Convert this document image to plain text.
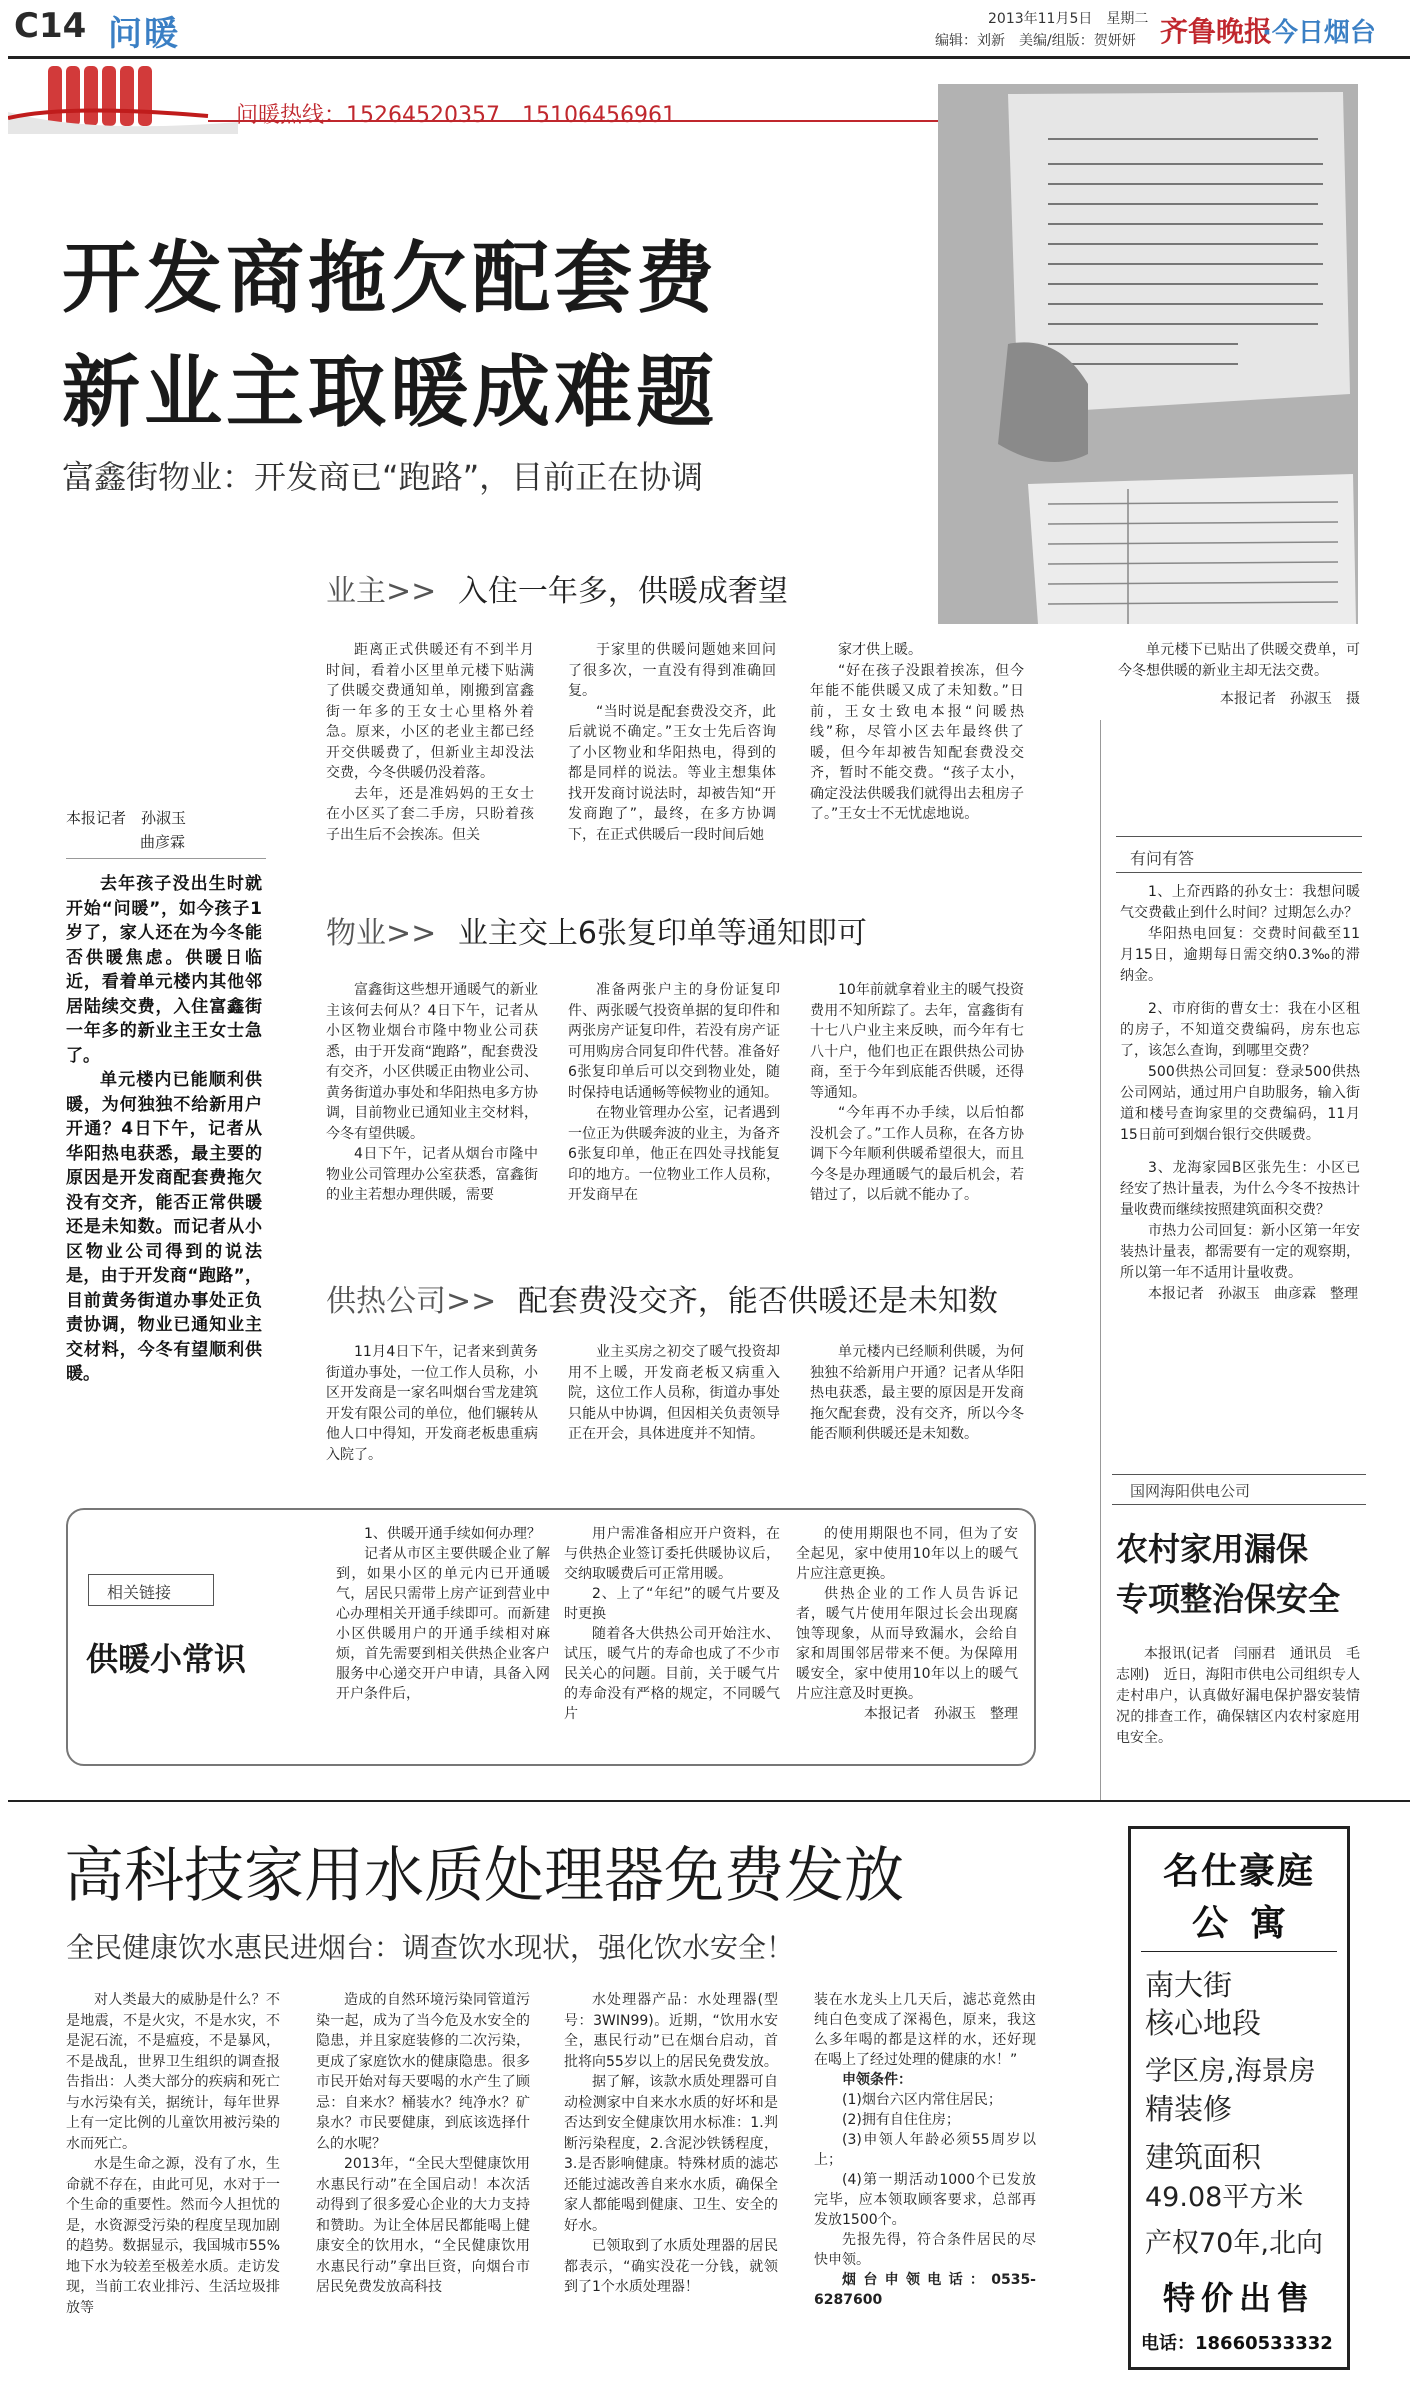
C14 问暖	2013年11月5日　星期二
编辑：刘新　美编/组版：贺妍妍 齐鲁晚报
·今日烟台
问暖热线： 15264520357　15106456961
开发商拖欠配套费
新业主取暖成难题
富鑫街物业：开发商已“跑路”，目前正在协调

单元楼下已贴出了供暖交费单，可今冬想供暖的新业主却无法交费。

本报记者　孙淑玉　摄

本报记者　孙淑玉
曲彦霖

去年孩子没出生时就开始“问暖”，如今孩子1岁了，家人还在为今冬能否供暖焦虑。供暖日临近，看着单元楼内其他邻居陆续交费，入住富鑫街一年多的新业主王女士急了。

单元楼内已能顺利供暖，为何独独不给新用户开通？4日下午，记者从华阳热电获悉，最主要的原因是开发商配套费拖欠没有交齐，能否正常供暖还是未知数。而记者从小区物业公司得到的说法是，由于开发商“跑路”，目前黄务街道办事处正负责协调，物业已通知业主交材料，今冬有望顺利供暖。

业主>> 入住一年多，供暖成奢望

距离正式供暖还有不到半月时间，看着小区里单元楼下贴满了供暖交费通知单，刚搬到富鑫街一年多的王女士心里格外着急。原来，小区的老业主都已经开交供暖费了，但新业主却没法交费，今冬供暖仍没着落。

去年，还是准妈妈的王女士在小区买了套二手房，只盼着孩子出生后不会挨冻。但关

于家里的供暖问题她来回问了很多次，一直没有得到准确回复。

“当时说是配套费没交齐，此后就说不确定。”王女士先后咨询了小区物业和华阳热电，得到的都是同样的说法。等业主想集体找开发商讨说法时，却被告知“开发商跑了”，最终，在多方协调下，在正式供暖后一段时间后她

家才供上暖。

“好在孩子没跟着挨冻，但今年能不能供暖又成了未知数。”日前，王女士致电本报“问暖热线”称，尽管小区去年最终供了暖，但今年却被告知配套费没交齐，暂时不能交费。“孩子太小，确定没法供暖我们就得出去租房子了。”王女士不无忧虑地说。

物业>> 业主交上6张复印单等通知即可

富鑫街这些想开通暖气的新业主该何去何从？4日下午，记者从小区物业烟台市隆中物业公司获悉，由于开发商“跑路”，配套费没有交齐，小区供暖正由物业公司、黄务街道办事处和华阳热电多方协调，目前物业已通知业主交材料，今冬有望供暖。

4日下午，记者从烟台市隆中物业公司管理办公室获悉，富鑫街的业主若想办理供暖，需要

准备两张户主的身份证复印件、两张暖气投资单据的复印件和两张房产证复印件，若没有房产证可用购房合同复印件代替。准备好6张复印单后可以交到物业处，随时保持电话通畅等候物业的通知。

在物业管理办公室，记者遇到一位正为供暖奔波的业主，为备齐6张复印单，他正在四处寻找能复印的地方。一位物业工作人员称，开发商早在

10年前就拿着业主的暖气投资费用不知所踪了。去年，富鑫街有十七八户业主来反映，而今年有七八十户，他们也正在跟供热公司协商，至于今年到底能否供暖，还得等通知。

“今年再不办手续，以后怕都没机会了。”工作人员称，在各方协调下今年顺利供暖希望很大，而且今冬是办理通暖气的最后机会，若错过了，以后就不能办了。

供热公司>> 配套费没交齐，能否供暖还是未知数

11月4日下午，记者来到黄务街道办事处，一位工作人员称，小区开发商是一家名叫烟台雪龙建筑开发有限公司的单位，他们辗转从他人口中得知，开发商老板患重病入院了。

业主买房之初交了暖气投资却用不上暖，开发商老板又病重入院，这位工作人员称，街道办事处只能从中协调，但因相关负责领导正在开会，具体进度并不知情。

单元楼内已经顺利供暖，为何独独不给新用户开通？记者从华阳热电获悉，最主要的原因是开发商拖欠配套费，没有交齐，所以今冬能否顺利供暖还是未知数。

有问有答

1、上夼西路的孙女士：我想问暖气交费截止到什么时间？过期怎么办？

华阳热电回复：交费时间截至11月15日，逾期每日需交纳0.3‰的滞纳金。

2、市府街的曹女士：我在小区租的房子，不知道交费编码，房东也忘了，该怎么查询，到哪里交费？

500供热公司回复：登录500供热公司网站，通过用户自助服务，输入街道和楼号查询家里的交费编码，11月15日前可到烟台银行交供暖费。

3、龙海家园B区张先生：小区已经安了热计量表，为什么今冬不按热计量收费而继续按照建筑面积交费？

市热力公司回复：新小区第一年安装热计量表，都需要有一定的观察期，所以第一年不适用计量收费。

本报记者　孙淑玉　曲彦霖　整理

国网海阳供电公司
农村家用漏保
专项整治保安全

本报讯(记者　闫丽君　通讯员　毛志刚)　近日，海阳市供电公司组织专人走村串户，认真做好漏电保护器安装情况的排查工作，确保辖区内农村家庭用电安全。

相关链接
供暖小常识

1、供暖开通手续如何办理？

记者从市区主要供暖企业了解到，如果小区的单元内已开通暖气，居民只需带上房产证到营业中心办理相关开通手续即可。而新建小区供暖用户的开通手续相对麻烦，首先需要到相关供热企业客户服务中心递交开户申请，具备入网开户条件后，

用户需准备相应开户资料，在与供热企业签订委托供暖协议后，交纳取暖费后可正常用暖。

2、上了“年纪”的暖气片要及时更换

随着各大供热公司开始注水、试压，暖气片的寿命也成了不少市民关心的问题。目前，关于暖气片的寿命没有严格的规定，不同暖气片

的使用期限也不同，但为了安全起见，家中使用10年以上的暖气片应注意更换。

供热企业的工作人员告诉记者，暖气片使用年限过长会出现腐蚀等现象，从而导致漏水，会给自家和周围邻居带来不便。为保障用暖安全，家中使用10年以上的暖气片应注意及时更换。

本报记者　孙淑玉　整理

高科技家用水质处理器免费发放
全民健康饮水惠民进烟台：调查饮水现状，强化饮水安全！

对人类最大的威胁是什么？不是地震，不是火灾，不是水灾，不是泥石流，不是瘟疫，不是暴风，不是战乱，世界卫生组织的调查报告指出：人类大部分的疾病和死亡与水污染有关，据统计，每年世界上有一定比例的儿童饮用被污染的水而死亡。

水是生命之源，没有了水，生命就不存在，由此可见，水对于一个生命的重要性。然而今人担忧的是，水资源受污染的程度呈现加剧的趋势。数据显示，我国城市55%地下水为较差至极差水质。走访发现，当前工农业排污、生活垃圾排放等

造成的自然环境污染同管道污染一起，成为了当今危及水安全的隐患，并且家庭装修的二次污染，更成了家庭饮水的健康隐患。很多市民开始对每天要喝的水产生了顾忌：自来水？桶装水？纯净水？矿泉水？市民要健康，到底该选择什么的水呢？

2013年，“全民大型健康饮用水惠民行动”在全国启动！本次活动得到了很多爱心企业的大力支持和赞助。为让全体居民都能喝上健康安全的饮用水，“全民健康饮用水惠民行动”拿出巨资，向烟台市居民免费发放高科技

水处理器产品：水处理器(型号：3WIN99)。近期，“饮用水安全，惠民行动”已在烟台启动，首批将向55岁以上的居民免费发放。

据了解，该款水质处理器可自动检测家中自来水水质的好坏和是否达到安全健康饮用水标准：1.判断污染程度，2.含泥沙铁锈程度，3.是否影响健康。特殊材质的滤芯还能过滤改善自来水水质，确保全家人都能喝到健康、卫生、安全的好水。

已领取到了水质处理器的居民都表示，“确实没花一分钱，就领到了1个水质处理器！

装在水龙头上几天后，滤芯竟然由纯白色变成了深褐色，原来，我这么多年喝的都是这样的水，还好现在喝上了经过处理的健康的水！”

申领条件：

(1)烟台六区内常住居民；

(2)拥有自住住房；

(3)申领人年龄必须55周岁以上；

(4)第一期活动1000个已发放完毕，应本领取顾客要求，总部再发放1500个。

先报先得，符合条件居民的尽快申领。

烟台申领电话：0535-6287600

名仕豪庭
公寓
南大街
核心地段
学区房,海景房
精装修
建筑面积
49.08平方米
产权70年,北向
特价出售
电话：18660533332
